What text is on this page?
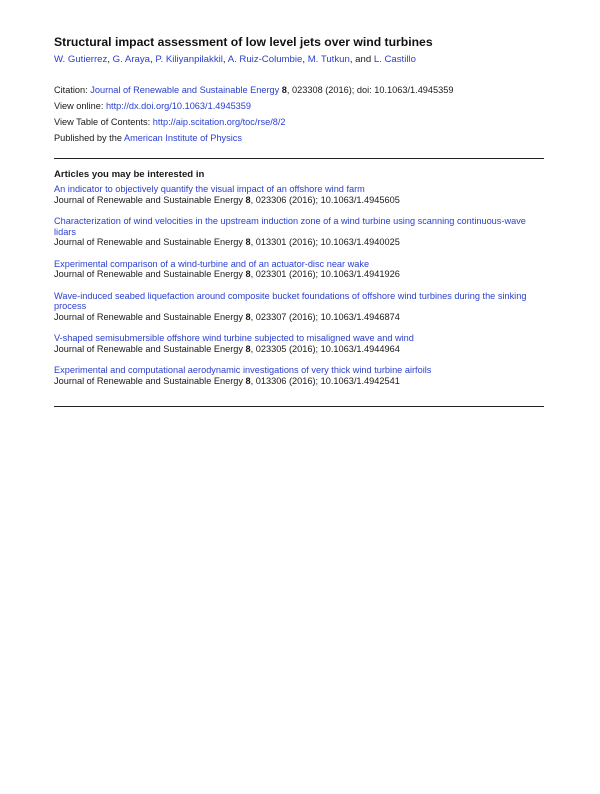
Structural impact assessment of low level jets over wind turbines
W. Gutierrez, G. Araya, P. Kiliyanpilakkil, A. Ruiz-Columbie, M. Tutkun, and L. Castillo
Citation: Journal of Renewable and Sustainable Energy 8, 023308 (2016); doi: 10.1063/1.4945359
View online: http://dx.doi.org/10.1063/1.4945359
View Table of Contents: http://aip.scitation.org/toc/rse/8/2
Published by the American Institute of Physics
Articles you may be interested in
An indicator to objectively quantify the visual impact of an offshore wind farm
Journal of Renewable and Sustainable Energy 8, 023306 (2016); 10.1063/1.4945605
Characterization of wind velocities in the upstream induction zone of a wind turbine using scanning continuous-wave lidars
Journal of Renewable and Sustainable Energy 8, 013301 (2016); 10.1063/1.4940025
Experimental comparison of a wind-turbine and of an actuator-disc near wake
Journal of Renewable and Sustainable Energy 8, 023301 (2016); 10.1063/1.4941926
Wave-induced seabed liquefaction around composite bucket foundations of offshore wind turbines during the sinking process
Journal of Renewable and Sustainable Energy 8, 023307 (2016); 10.1063/1.4946874
V-shaped semisubmersible offshore wind turbine subjected to misaligned wave and wind
Journal of Renewable and Sustainable Energy 8, 023305 (2016); 10.1063/1.4944964
Experimental and computational aerodynamic investigations of very thick wind turbine airfoils
Journal of Renewable and Sustainable Energy 8, 013306 (2016); 10.1063/1.4942541
